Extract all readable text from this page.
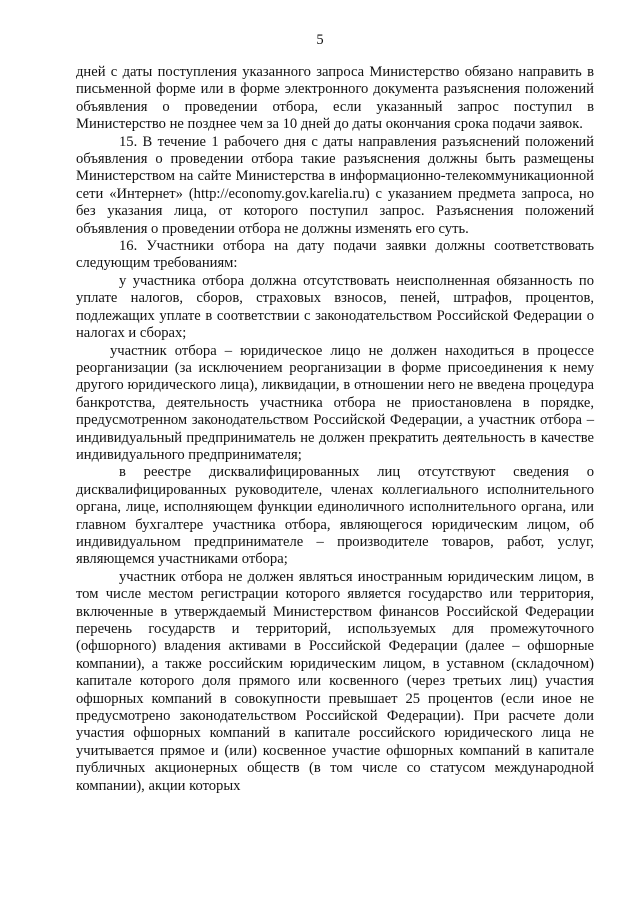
5

дней с даты поступления указанного запроса Министерство обязано направить в письменной форме или в форме электронного документа разъяснения положений объявления о проведении отбора, если указанный запрос поступил в Министерство не позднее чем за 10 дней до даты окончания срока подачи заявок.

15. В течение 1 рабочего дня с даты направления разъяснений положений объявления о проведении отбора такие разъяснения должны быть размещены Министерством на сайте Министерства в информационно-телекоммуникационной сети «Интернет» (http://economy.gov.karelia.ru) с указанием предмета запроса, но без указания лица, от которого поступил запрос. Разъяснения положений объявления о проведении отбора не должны изменять его суть.

16. Участники отбора на дату подачи заявки должны соответствовать следующим требованиям:

у участника отбора должна отсутствовать неисполненная обязанность по уплате налогов, сборов, страховых взносов, пеней, штрафов, процентов, подлежащих уплате в соответствии с законодательством Российской Федерации о налогах и сборах;

участник отбора – юридическое лицо не должен находиться в процессе реорганизации (за исключением реорганизации в форме присоединения к нему другого юридического лица), ликвидации, в отношении него не введена процедура банкротства, деятельность участника отбора не приостановлена в порядке, предусмотренном законодательством Российской Федерации, а участник отбора – индивидуальный предприниматель не должен прекратить деятельность в качестве индивидуального предпринимателя;

в реестре дисквалифицированных лиц отсутствуют сведения о дисквалифицированных руководителе, членах коллегиального исполнительного органа, лице, исполняющем функции единоличного исполнительного органа, или главном бухгалтере участника отбора, являющегося юридическим лицом, об индивидуальном предпринимателе – производителе товаров, работ, услуг, являющемся участниками отбора;

участник отбора не должен являться иностранным юридическим лицом, в том числе местом регистрации которого является государство или территория, включенные в утверждаемый Министерством финансов Российской Федерации перечень государств и территорий, используемых для промежуточного (офшорного) владения активами в Российской Федерации (далее – офшорные компании), а также российским юридическим лицом, в уставном (складочном) капитале которого доля прямого или косвенного (через третьих лиц) участия офшорных компаний в совокупности превышает 25 процентов (если иное не предусмотрено законодательством Российской Федерации). При расчете доли участия офшорных компаний в капитале российского юридического лица не учитывается прямое и (или) косвенное участие офшорных компаний в капитале публичных акционерных обществ (в том числе со статусом международной компании), акции которых
